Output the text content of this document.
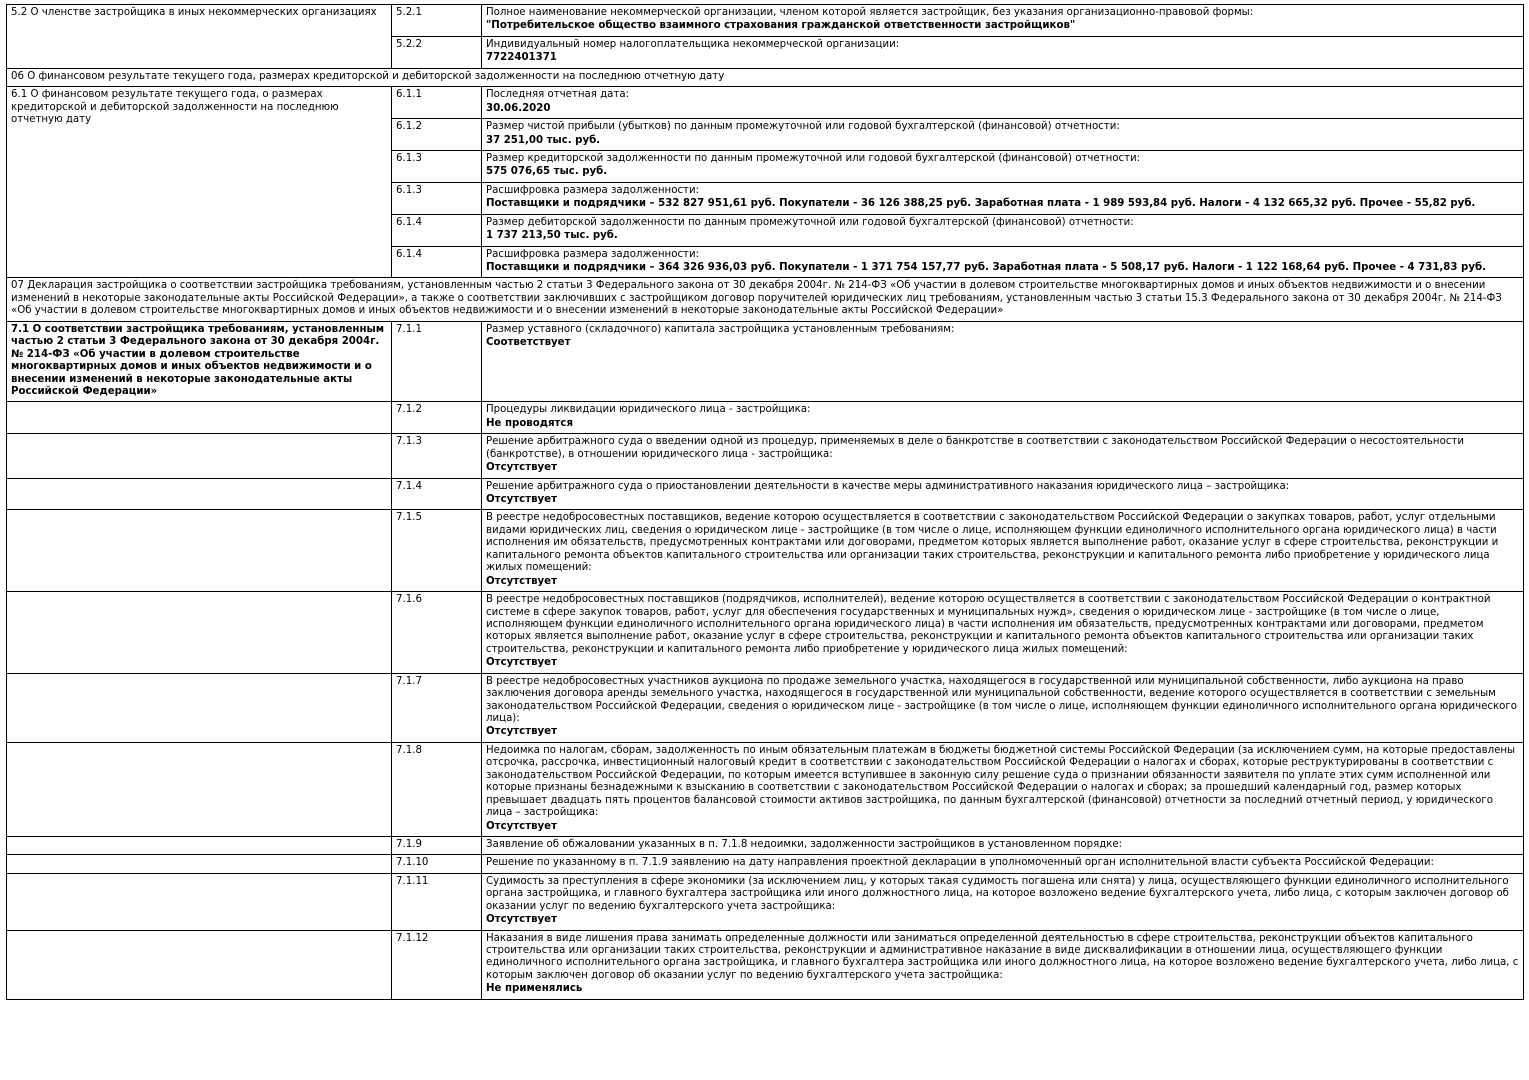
5.2 О членстве застройщика в иных некоммерческих организациях	5.2.1	Полное наименование некоммерческой организации, членом которой является застройщик, без указания организационно-правовой формы:
"Потребительское общество взаимного страхования гражданской ответственности застройщиков"

	5.2.2	Индивидуальный номер налогоплательщика некоммерческой организации:
7722401371

06 О финансовом результате текущего года, размерах кредиторской и дебиторской задолженности на последнюю отчетную дату		
6.1 О финансовом результате текущего года, о размерах кредиторской и дебиторской задолженности на последнюю отчетную дату	6.1.1	Последняя отчетная дата:
30.06.2020

	6.1.2	Размер чистой прибыли (убытков) по данным промежуточной или годовой бухгалтерской (финансовой) отчетности:
37 251,00 тыс. руб.

	6.1.3	Размер кредиторской задолженности по данным промежуточной или годовой бухгалтерской (финансовой) отчетности:
575 076,65 тыс. руб.

	6.1.3	Расшифровка размера задолженности:
Поставщики и подрядчики – 532 827 951,61 руб. Покупатели - 36 126 388,25 руб. Заработная плата - 1 989 593,84 руб. Налоги - 4 132 665,32 руб. Прочее - 55,82 руб.

	6.1.4	Размер дебиторской задолженности по данным промежуточной или годовой бухгалтерской (финансовой) отчетности:
1 737 213,50 тыс. руб.

	6.1.4	Расшифровка размера задолженности:
Поставщики и подрядчики – 364 326 936,03 руб. Покупатели - 1 371 754 157,77 руб. Заработная плата - 5 508,17 руб. Налоги - 1 122 168,64 руб. Прочее - 4 731,83 руб.

07 Декларация застройщика о соответствии застройщика требованиям, установленным частью 2 статьи 3 Федерального закона от 30 декабря 2004г. № 214-ФЗ «Об участии в долевом строительстве многоквартирных домов и иных объектов недвижимости и о внесении изменений в некоторые законодательные акты Российской Федерации», а также о соответствии заключивших с застройщиком договор поручителей юридических лиц требованиям, установленным частью 3 статьи 15.3 Федерального закона от 30 декабря 2004г. № 214-ФЗ «Об участии в долевом строительстве многоквартирных домов и иных объектов недвижимости и о внесении изменений в некоторые законодательные акты Российской Федерации»		
7.1 О соответствии застройщика требованиям, установленным частью 2 статьи 3 Федерального закона от 30 декабря 2004г. № 214-ФЗ «Об участии в долевом строительстве многоквартирных домов и иных объектов недвижимости и о внесении изменений в некоторые законодательные акты Российской Федерации»	7.1.1	Размер уставного (складочного) капитала застройщика установленным требованиям:
Соответствует

	7.1.2	Процедуры ликвидации юридического лица - застройщика:
Не проводятся

	7.1.3	Решение арбитражного суда о введении одной из процедур, применяемых в деле о банкротстве в соответствии с законодательством Российской Федерации о несостоятельности (банкротстве), в отношении юридического лица - застройщика:
Отсутствует

	7.1.4	Решение арбитражного суда о приостановлении деятельности в качестве меры административного наказания юридического лица – застройщика:
Отсутствует

	7.1.5	В реестре недобросовестных поставщиков, ведение которою осуществляется в соответствии с законодательством Российской Федерации о закупках товаров, работ, услуг отдельными видами юридических лиц, сведения о юридическом лице - застройщике (в том числе о лице, исполняющем функции единоличного исполнительного органа юридического лица) в части исполнения им обязательств, предусмотренных контрактами или договорами, предметом которых является выполнение работ, оказание услуг в сфере строительства, реконструкции и капитального ремонта объектов капитального строительства или организации таких строительства, реконструкции и капитального ремонта либо приобретение у юридического лица жилых помещений:
Отсутствует

	7.1.6	В реестре недобросовестных поставщиков (подрядчиков, исполнителей), ведение которою осуществляется в соответствии с законодательством Российской Федерации о контрактной системе в сфере закупок товаров, работ, услуг для обеспечения государственных и муниципальных нужд», сведения о юридическом лице - застройщике (в том числе о лице, исполняющем функции единоличного исполнительного органа юридического лица) в части исполнения им обязательств, предусмотренных контрактами или договорами, предметом которых является выполнение работ, оказание услуг в сфере строительства, реконструкции и капитального ремонта объектов капитального строительства или организации таких строительства, реконструкции и капитального ремонта либо приобретение у юридического лица жилых помещений:
Отсутствует

	7.1.7	В реестре недобросовестных участников аукциона по продаже земельного участка, находящегося в государственной или муниципальной собственности, либо аукциона на право заключения договора аренды земельного участка, находящегося в государственной или муниципальной собственности, ведение которого осуществляется в соответствии с земельным законодательством Российской Федерации, сведения о юридическом лице - застройщике (в том числе о лице, исполняющем функции единоличного исполнительного органа юридического лица):
Отсутствует

	7.1.8	Недоимка по налогам, сборам, задолженность по иным обязательным платежам в бюджеты бюджетной системы Российской Федерации (за исключением сумм, на которые предоставлены отсрочка, рассрочка, инвестиционный налоговый кредит в соответствии с законодательством Российской Федерации о налогах и сборах, которые реструктурированы в соответствии с законодательством Российской Федерации, по которым имеется вступившее в законную силу решение суда о признании обязанности заявителя по уплате этих сумм исполненной или которые признаны безнадежными к взысканию в соответствии с законодательством Российской Федерации о налогах и сборах; за прошедший календарный год, размер которых превышает двадцать пять процентов балансовой стоимости активов застройщика, по данным бухгалтерской (финансовой) отчетности за последний отчетный период, у юридического лица – застройщика:
Отсутствует

	7.1.9	Заявление об обжаловании указанных в п. 7.1.8 недоимки, задолженности застройщиков в установленном порядке:

	7.1.10	Решение по указанному в п. 7.1.9 заявлению на дату направления проектной декларации в уполномоченный орган исполнительной власти субъекта Российской Федерации:

	7.1.11	Судимость за преступления в сфере экономики (за исключением лиц, у которых такая судимость погашена или снята) у лица, осуществляющего функции единоличного исполнительного органа застройщика, и главного бухгалтера застройщика или иного должностного лица, на которое возложено ведение бухгалтерского учета, либо лица, с которым заключен договор об оказании услуг по ведению бухгалтерского учета застройщика:
Отсутствует

	7.1.12	Наказания в виде лишения права занимать определенные должности или заниматься определенной деятельностью в сфере строительства, реконструкции объектов капитального строительства или организации таких строительства, реконструкции и административное наказание в виде дисквалификации в отношении лица, осуществляющего функции единоличного исполнительного органа застройщика, и главного бухгалтера застройщика или иного должностного лица, на которое возложено ведение бухгалтерского учета, либо лица, с которым заключен договор об оказании услуг по ведению бухгалтерского учета застройщика:
Не применялись
